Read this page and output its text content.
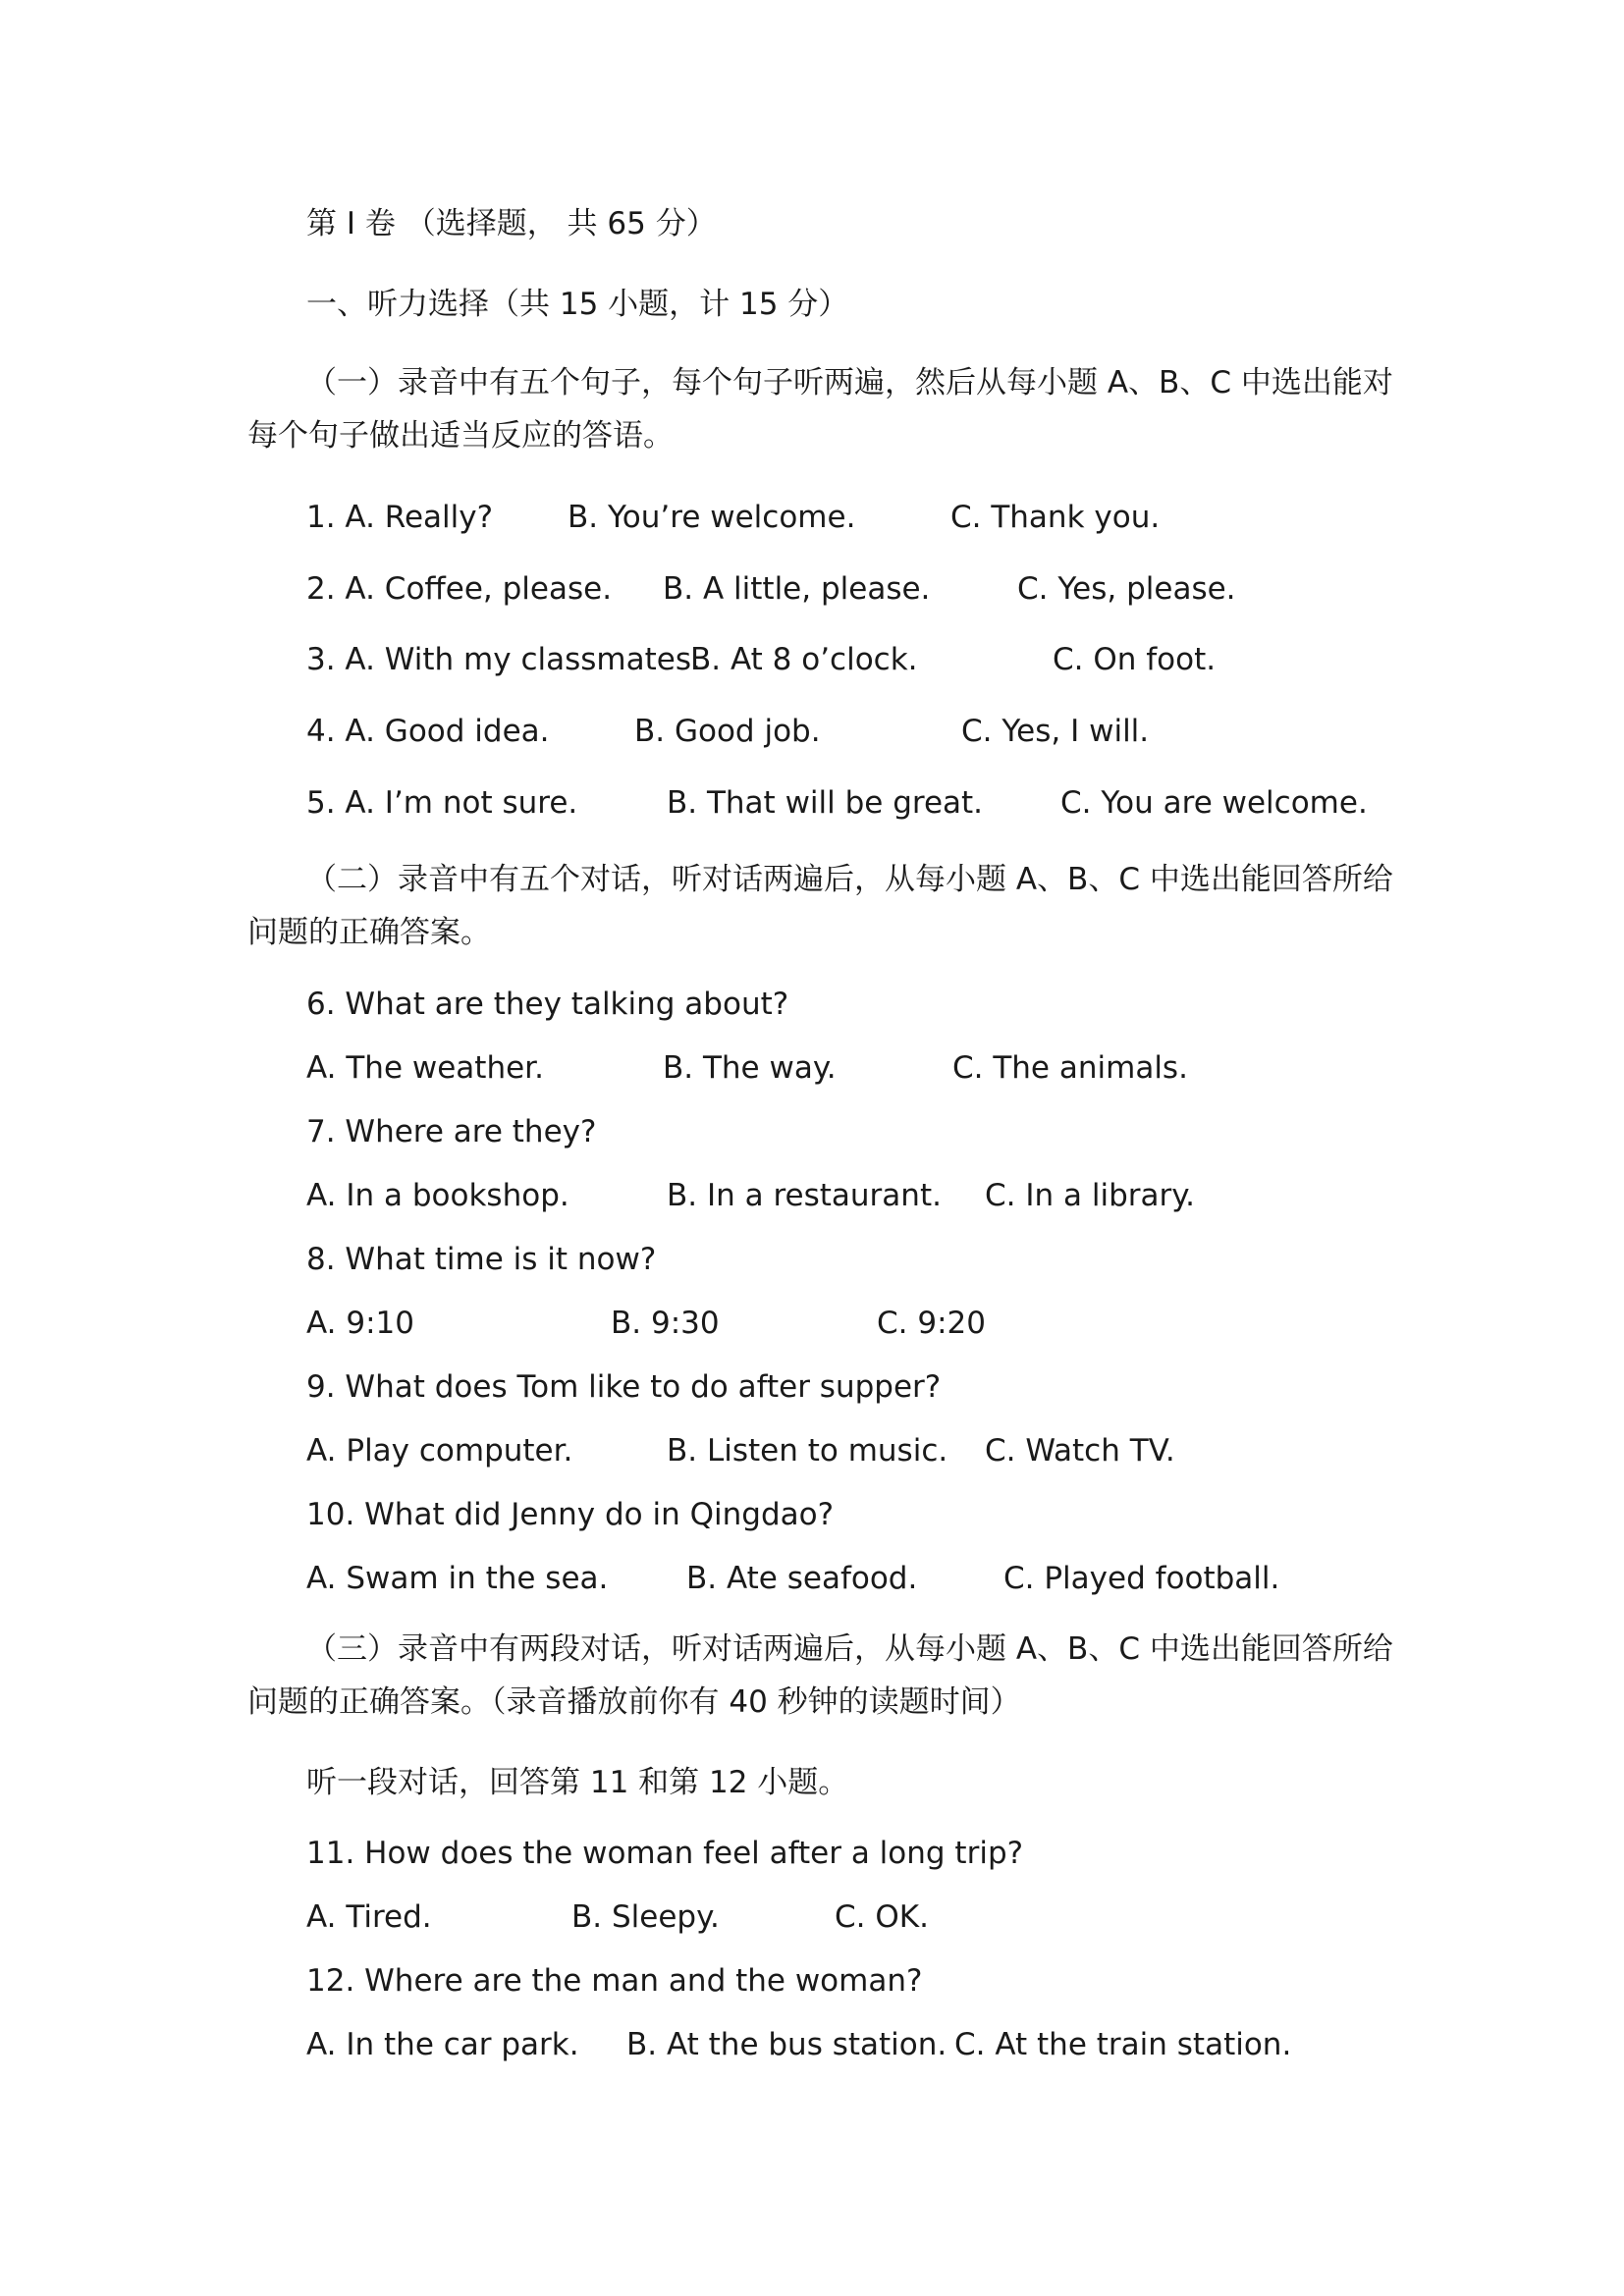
第 I 卷 （选择题， 共 65 分）
一、听力选择（共 15 小题，计 15 分）
（一）录音中有五个句子，每个句子听两遍，然后从每小题 A、B、C 中选出能对
每个句子做出适当反应的答语。
1. A. Really? B. You’re welcome.	C. Thank you.
2. A. Coffee, please. B. A little, please.	C. Yes, please.
3. A. With my classmates.
B. At 8 o’clock.	C. On foot.
4. A. Good idea.	B. Good job.	C. Yes, I will.
5. A. I’m not sure.	B. That will be great.	C. You are welcome.
（二）录音中有五个对话，听对话两遍后，从每小题 A、B、C 中选出能回答所给
问题的正确答案。
6. What are they talking about?
A. The weather.	B. The way.	C. The animals.
7. Where are they?
A. In a bookshop.	B. In a restaurant. C. In a library.
8. What time is it now?
A. 9:10	B. 9:30	C. 9:20
9. What does Tom like to do after supper?
A. Play computer.	B. Listen to music. C. Watch TV.
10. What did Jenny do in Qingdao?
A. Swam in the sea.	B. Ate seafood.	C. Played football.
（三）录音中有两段对话，听对话两遍后，从每小题 A、B、C 中选出能回答所给
问题的正确答案。（录音播放前你有 40 秒钟的读题时间）
听一段对话，回答第 11 和第 12 小题。
11. How does the woman feel after a long trip?
A. Tired.	B. Sleepy.	C. OK.
12. Where are the man and the woman?
A. In the car park. B. At the bus station. C. At the train station.
